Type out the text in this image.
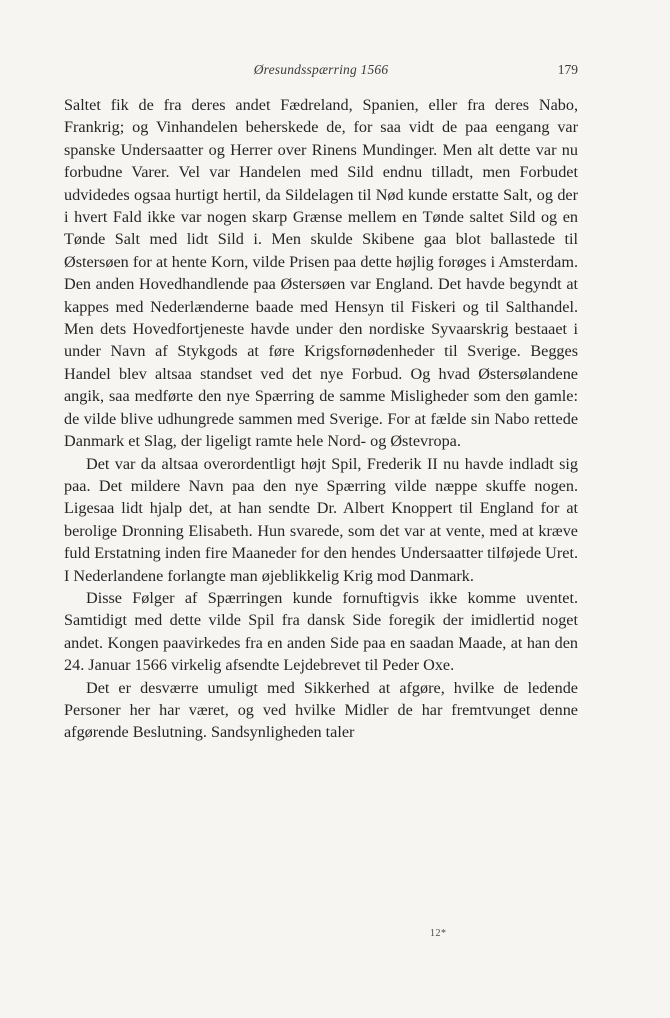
Øresundsspærring 1566	179

Saltet fik de fra deres andet Fædreland, Spanien, eller fra deres Nabo, Frankrig; og Vinhandelen beherskede de, for saa vidt de paa eengang var spanske Undersaatter og Herrer over Rinens Mundinger. Men alt dette var nu forbudne Varer. Vel var Handelen med Sild endnu tilladt, men Forbudet udvidedes ogsaa hurtigt hertil, da Sildelagen til Nød kunde erstatte Salt, og der i hvert Fald ikke var nogen skarp Grænse mellem en Tønde saltet Sild og en Tønde Salt med lidt Sild i. Men skulde Skibene gaa blot ballastede til Østersøen for at hente Korn, vilde Prisen paa dette højlig forøges i Amsterdam. Den anden Hovedhandlende paa Østersøen var England. Det havde begyndt at kappes med Nederlænderne baade med Hensyn til Fiskeri og til Salthandel. Men dets Hovedfortjeneste havde under den nordiske Syvaarskrig bestaaet i under Navn af Stykgods at føre Krigsfornødenheder til Sverige. Begges Handel blev altsaa standset ved det nye Forbud. Og hvad Østersølandene angik, saa medførte den nye Spærring de samme Misligheder som den gamle: de vilde blive udhungrede sammen med Sverige. For at fælde sin Nabo rettede Danmark et Slag, der ligeligt ramte hele Nord- og Østevropa.

Det var da altsaa overordentligt højt Spil, Frederik II nu havde indladt sig paa. Det mildere Navn paa den nye Spærring vilde næppe skuffe nogen. Ligesaa lidt hjalp det, at han sendte Dr. Albert Knoppert til England for at berolige Dronning Elisabeth. Hun svarede, som det var at vente, med at kræve fuld Erstatning inden fire Maaneder for den hendes Undersaatter tilføjede Uret. I Nederlandene forlangte man øjeblikkelig Krig mod Danmark.

Disse Følger af Spærringen kunde fornuftigvis ikke komme uventet. Samtidigt med dette vilde Spil fra dansk Side foregik der imidlertid noget andet. Kongen paavirkedes fra en anden Side paa en saadan Maade, at han den 24. Januar 1566 virkelig afsendte Lejdebrevet til Peder Oxe.

Det er desværre umuligt med Sikkerhed at afgøre, hvilke de ledende Personer her har været, og ved hvilke Midler de har fremtvunget denne afgørende Beslutning. Sandsynligheden taler

12*
